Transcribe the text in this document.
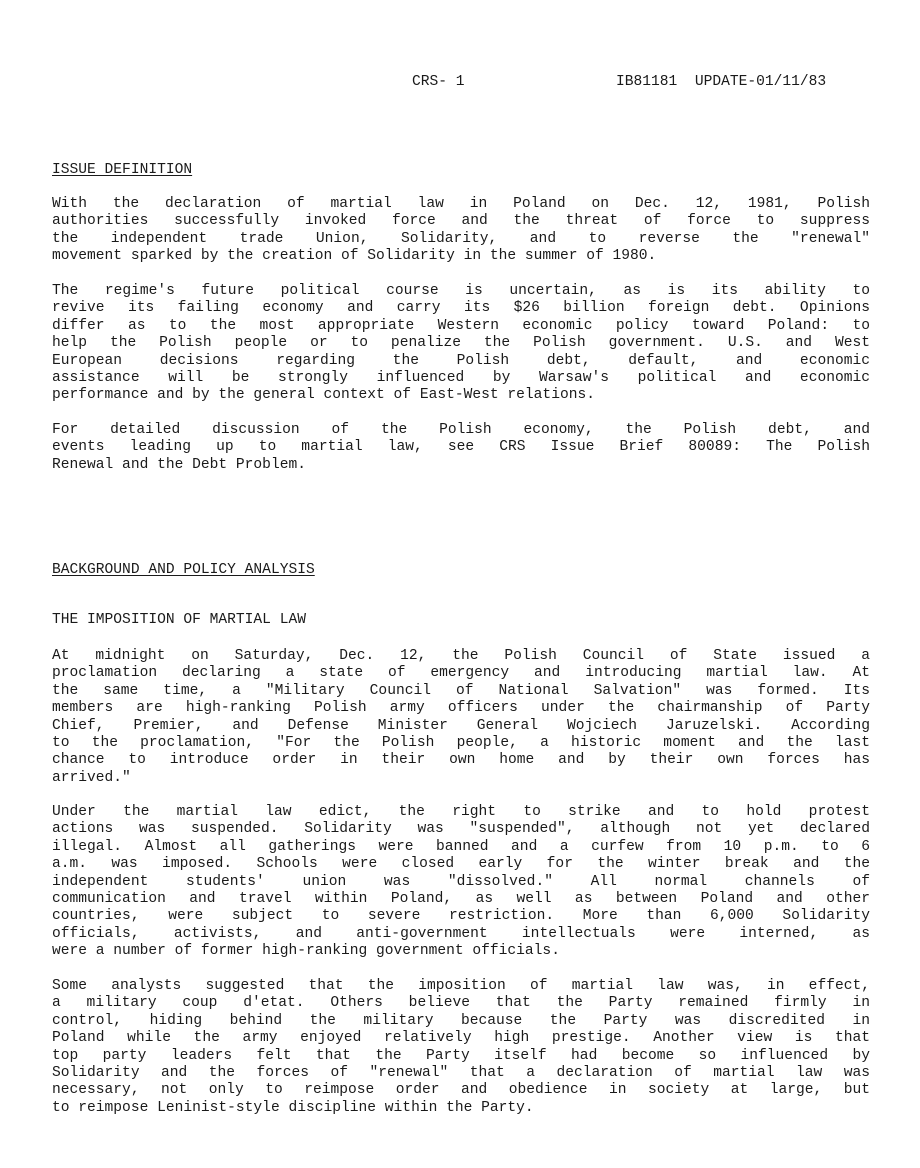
CRS- 1	IB81181  UPDATE-01/11/83
ISSUE DEFINITION
With the declaration of martial law in Poland on Dec. 12, 1981, Polish
authorities successfully invoked force and the threat of force to suppress
the independent trade Union, Solidarity, and to reverse the "renewal"
movement sparked by the creation of Solidarity in the summer of 1980.
The regime's future political course is uncertain, as is its ability to
revive its failing economy and carry its $26 billion foreign debt. Opinions
differ as to the most appropriate Western economic policy toward Poland: to
help the Polish people or to penalize the Polish government. U.S. and West
European decisions regarding the Polish debt, default, and economic
assistance will be strongly influenced by Warsaw's political and economic
performance and by the general context of East-West relations.
For detailed discussion of the Polish economy, the Polish debt, and
events leading up to martial law, see CRS Issue Brief 80089: The Polish
Renewal and the Debt Problem.
BACKGROUND AND POLICY ANALYSIS
THE IMPOSITION OF MARTIAL LAW
At midnight on Saturday, Dec. 12, the Polish Council of State issued a
proclamation declaring a state of emergency and introducing martial law. At
the same time, a "Military Council of National Salvation" was formed. Its
members are high-ranking Polish army officers under the chairmanship of Party
Chief, Premier, and Defense Minister General Wojciech Jaruzelski. According
to the proclamation, "For the Polish people, a historic moment and the last
chance to introduce order in their own home and by their own forces has
arrived."
Under the martial law edict, the right to strike and to hold protest
actions was suspended. Solidarity was "suspended", although not yet declared
illegal. Almost all gatherings were banned and a curfew from 10 p.m. to 6
a.m. was imposed. Schools were closed early for the winter break and the
independent students' union was "dissolved." All normal channels of
communication and travel within Poland, as well as between Poland and other
countries, were subject to severe restriction. More than 6,000 Solidarity
officials, activists, and anti-government intellectuals were interned, as
were a number of former high-ranking government officials.
Some analysts suggested that the imposition of martial law was, in effect,
a military coup d'etat. Others believe that the Party remained firmly in
control, hiding behind the military because the Party was discredited in
Poland while the army enjoyed relatively high prestige. Another view is that
top party leaders felt that the Party itself had become so influenced by
Solidarity and the forces of "renewal" that a declaration of martial law was
necessary, not only to reimpose order and obedience in society at large, but
to reimpose Leninist-style discipline within the Party.
